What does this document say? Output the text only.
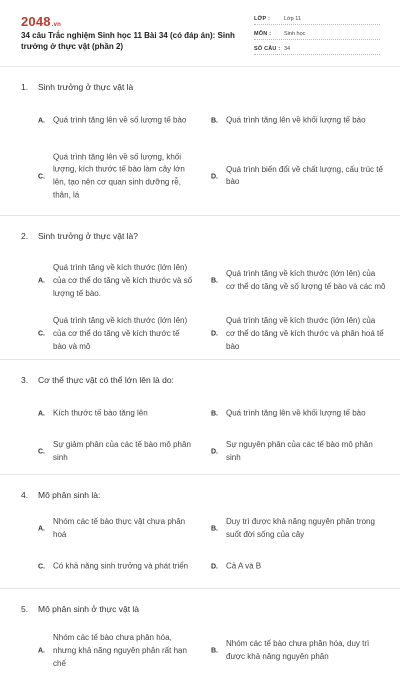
2048.vn
34 câu Trắc nghiệm Sinh học 11 Bài 34 (có đáp án): Sinh trưởng ở thực vật (phần 2)
LỚP :	Lớp 11
MÔN : Sinh học
SỐ CÂU : 34
1. Sinh trưởng ở thực vật là
A. Quá trình tăng lên về số lượng tế bào	B. Quá trình tăng lên về khối lượng tế bào
C.
Quá trình tăng lên về số lượng, khối lượng, kích thước tế bào làm cây lớn lên, tạo nên cơ quan sinh dưỡng rễ, thân, lá
D.
Quá trình biến đổi về chất lượng, cấu trúc tế bào
2. Sinh trưởng ở thực vật là?
A.
Quá trình tăng về kích thước (lớn lên) của cơ thể do tăng về kích thước và số lượng tế bào.
B.
Quá trình tăng về kích thước (lớn lên) của cơ thể do tăng về số lượng tế bào và các mô
C.
Quá trình tăng về kích thước (lớn lên) của cơ thể do tăng về kích thước tế bào và mô
D.
Quá trình tăng về kích thước (lớn lên) của cơ thể do tăng về kích thước và phân hoá tế bào
3. Cơ thể thực vật có thể lớn lên là do:
A. Kích thước tế bào tăng lên	B. Quá trình tăng lên về khối lượng tế bào
C.
Sự giảm phân của các tế bào mô phân sinh
D.
Sự nguyên phân của các tế bào mô phân sinh
4. Mô phân sinh là:
A.
Nhóm các tế bào thực vật chưa phân hoá
B.
Duy trì được khả năng nguyên phân trong suốt đời sống của cây
C. Có khả năng sinh trưởng và phát triển	D. Cả A và B
5. Mô phân sinh ở thực vật là
A.
Nhóm các tế bào chưa phân hóa, nhưng khả năng nguyên phân rất hạn chế
B.
Nhóm các tế bào chưa phân hóa, duy trì được khả năng nguyên phân
